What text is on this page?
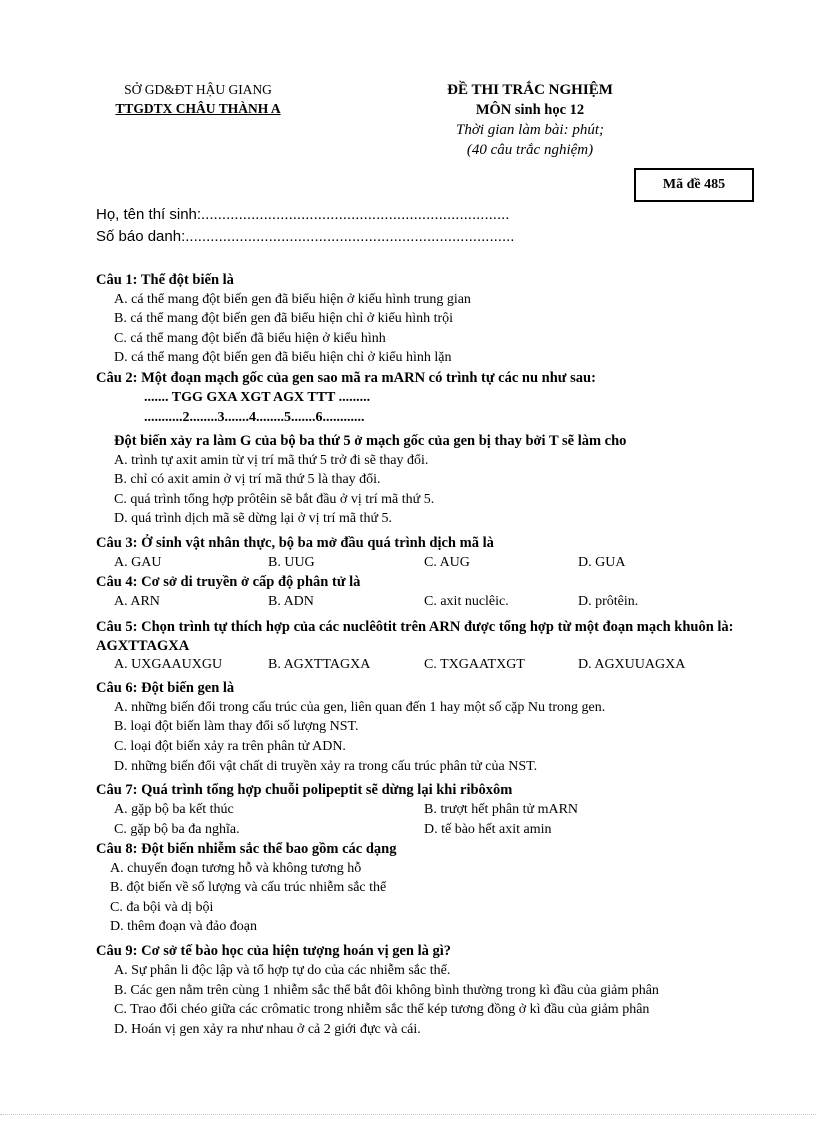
SỞ GD&ĐT HẬU GIANG
TTGDTX CHÂU THÀNH A
ĐỀ THI TRẮC NGHIỆM
MÔN sinh học 12
Thời gian làm bài: phút;
(40 câu trắc nghiệm)
Mã đề 485
Họ, tên thí sinh:..........................................................................
Số báo danh:...............................................................................
Câu 1: Thể đột biến là
A. cá thể mang đột biến gen đã biểu hiện ở kiểu hình trung gian
B. cá thể mang đột biến gen đã biểu hiện chỉ ở kiểu hình trội
C. cá thể mang đột biến đã biểu hiện ở kiểu hình
D. cá thể mang đột biến gen đã biểu hiện chỉ ở kiểu hình lặn
Câu 2: Một đoạn mạch gốc của gen sao mã ra mARN có trình tự các nu như sau:
....... TGG GXA XGT AGX TTT .........
...........2........3.......4........5.......6............
Đột biến xảy ra làm G của bộ ba thứ 5 ở mạch gốc của gen bị thay bởi T sẽ làm cho
A. trình tự axit amin từ vị trí mã thứ 5 trở đi sẽ thay đổi.
B. chỉ có axit amin ở vị trí mã thứ 5 là thay đổi.
C. quá trình tổng hợp prôtêin sẽ bắt đầu ở vị trí mã thứ 5.
D. quá trình dịch mã sẽ dừng lại ở vị trí mã thứ 5.
Câu 3: Ở sinh vật nhân thực, bộ ba mở đầu quá trình dịch mã là
A. GAU	B. UUG	C. AUG	D. GUA
Câu 4: Cơ sở di truyền ở cấp độ phân tử là
A. ARN	B. ADN	C. axit nuclêic.	D. prôtêin.
Câu 5: Chọn trình tự thích hợp của các nuclêôtit trên ARN được tổng hợp từ một đoạn mạch khuôn là: AGXTTAGXA
A. UXGAAUXGU	B. AGXTTAGXA	C. TXGAATXGT	D. AGXUUAGXA
Câu 6: Đột biến gen là
A. những biến đổi trong cấu trúc của gen, liên quan đến 1 hay một số cặp Nu trong gen.
B. loại đột biến làm thay đổi số lượng NST.
C. loại đột biến xảy ra trên phân tử ADN.
D. những biến đổi vật chất di truyền xảy ra trong cấu trúc phân tử của NST.
Câu 7: Quá trình tổng hợp chuỗi polipeptit sẽ dừng lại khi ribôxôm
A. gặp bộ ba kết thúc	B. trượt hết phân tử mARN
C. gặp bộ ba đa nghĩa.	D. tế bào hết axit amin
Câu 8: Đột biến nhiễm sắc thể bao gồm các dạng
A. chuyển đoạn tương hỗ và không tương hỗ
B. đột biến về số lượng và cấu trúc nhiễm sắc thể
C. đa bội và dị bội
D. thêm đoạn và đảo đoạn
Câu 9: Cơ sở tế bào học của hiện tượng hoán vị gen là gì?
A. Sự phân li độc lập và tổ hợp tự do của các nhiễm sắc thể.
B. Các gen nằm trên cùng 1 nhiễm sắc thể bắt đôi không bình thường trong kì đầu của giảm phân
C. Trao đổi chéo giữa các crômatic trong nhiễm sắc thể kép tương đồng ở kì đầu của giảm phân
D. Hoán vị gen xảy ra như nhau ở cả 2 giới đực và cái.
